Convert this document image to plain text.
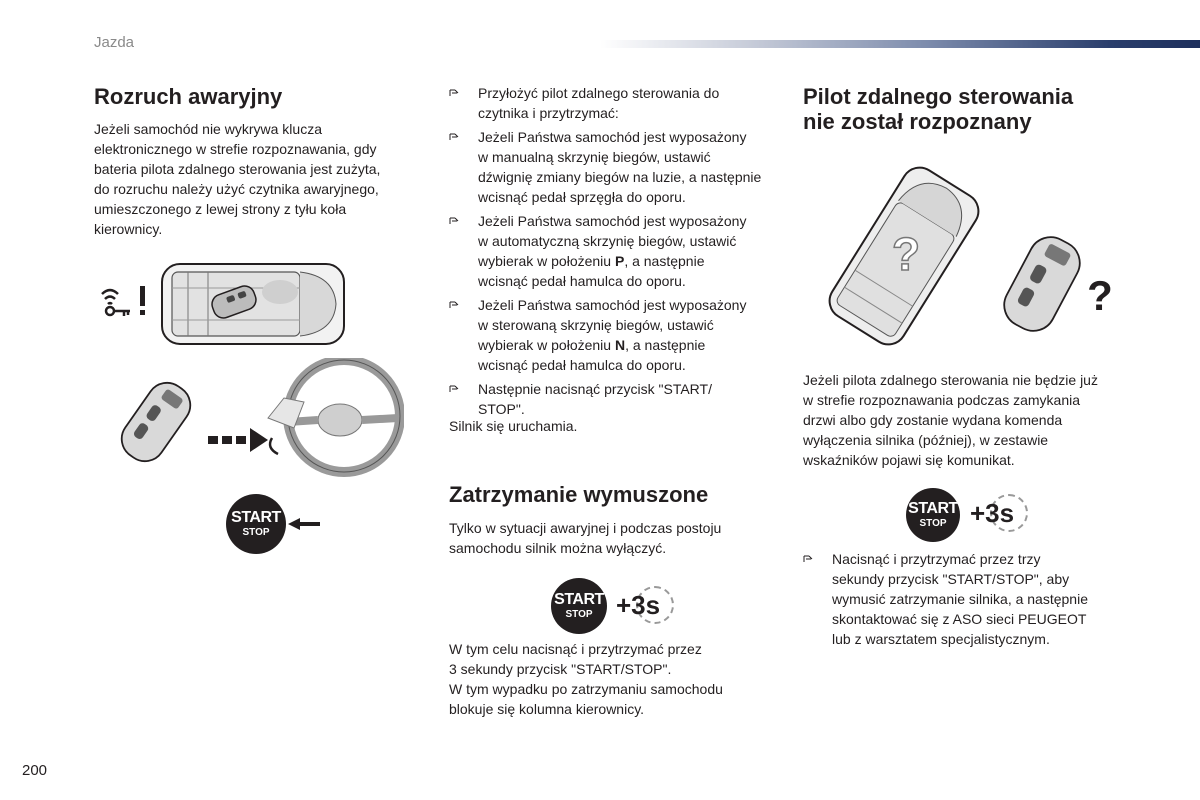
Jazda
Rozruch awaryjny

Jeżeli samochód nie wykrywa klucza
elektronicznego w strefie rozpoznawania, gdy
bateria pilota zdalnego sterowania jest zużyta,
do rozruchu należy użyć czytnika awaryjnego,
umieszczonego z lewej strony z tyłu koła
kierownicy.

START
STOP
Przyłożyć pilot zdalnego sterowania do
czytnika i przytrzymać:
Jeżeli Państwa samochód jest wyposażony
w manualną skrzynię biegów, ustawić
dźwignię zmiany biegów na luzie, a następnie
wcisnąć pedał sprzęgła do oporu.
Jeżeli Państwa samochód jest wyposażony
w automatyczną skrzynię biegów, ustawić
wybierak w położeniu P, a następnie
wcisnąć pedał hamulca do oporu.
Jeżeli Państwa samochód jest wyposażony
w sterowaną skrzynię biegów, ustawić
wybierak w położeniu N, a następnie
wcisnąć pedał hamulca do oporu.
Następnie nacisnąć przycisk "START/
STOP".

Silnik się uruchamia.

Zatrzymanie wymuszone

Tylko w sytuacji awaryjnej i podczas postoju
samochodu silnik można wyłączyć.

START
STOP +3s

W tym celu nacisnąć i przytrzymać przez
3 sekundy przycisk "START/STOP".
W tym wypadku po zatrzymaniu samochodu
blokuje się kolumna kierownicy.

Pilot zdalnego sterowania
nie został rozpoznany
?
?

Jeżeli pilota zdalnego sterowania nie będzie już
w strefie rozpoznawania podczas zamykania
drzwi albo gdy zostanie wydana komenda
wyłączenia silnika (później), w zestawie
wskaźników pojawi się komunikat.

START
STOP +3s
Nacisnąć i przytrzymać przez trzy
sekundy przycisk "START/STOP", aby
wymusić zatrzymanie silnika, a następnie
skontaktować się z ASO sieci PEUGEOT
lub z warsztatem specjalistycznym.
200
